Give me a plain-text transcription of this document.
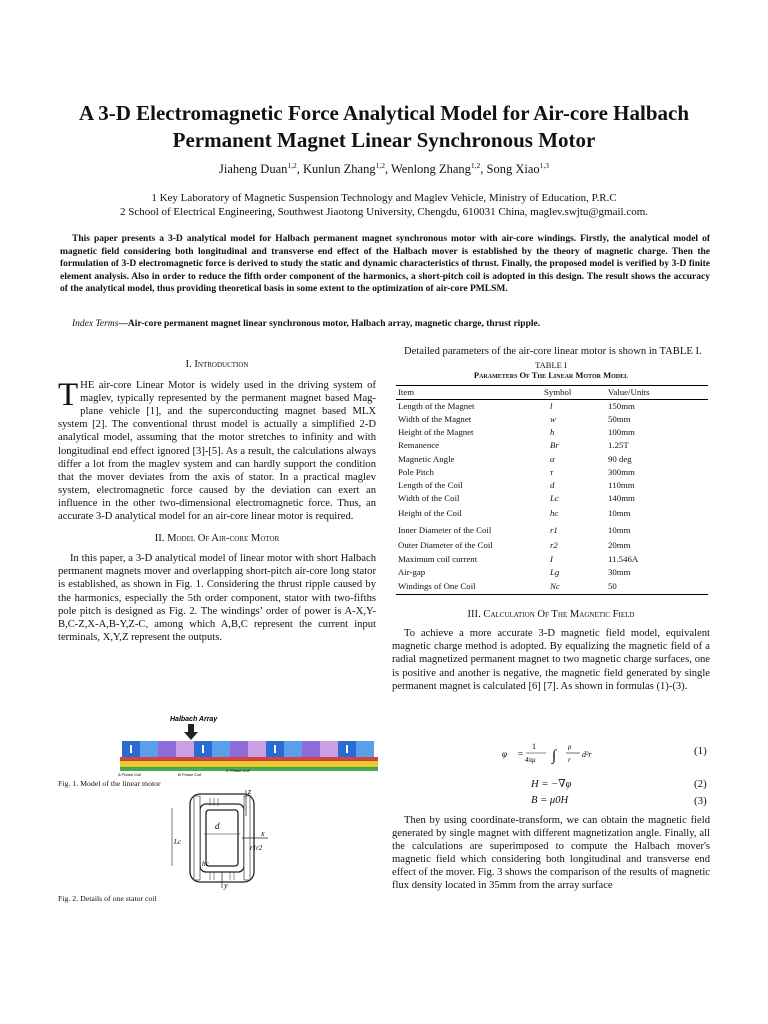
A 3-D Electromagnetic Force Analytical Model for Air-core Halbach
Permanent Magnet Linear Synchronous Motor
Jiaheng Duan$^{1,2}$, Kunlun Zhang$^{1,2}$, Wenlong Zhang$^{1,2}$, Song Xiao$^{1,3}$
1 Key Laboratory of Magnetic Suspension Technology and Maglev Vehicle, Ministry of Education, P.R.C
2 School of Electrical Engineering, Southwest Jiaotong University, Chengdu, 610031 China, maglev.swjtu@gmail.com.
This paper presents a 3-D analytical model for Halbach permanent magnet synchronous motor with air-core windings. Firstly, the analytical model of magnetic field considering both longitudinal and transverse end effect of the Halbach mover is established by the theory of magnetic charge. Then the formulation of 3-D electromagnetic force is derived to study the static and dynamic characteristics of thrust. Finally, the proposed model is verified by 3-D finite element analysis. Also in order to reduce the fifth order component of the harmonics, a short-pitch coil is adopted in this design. The result shows the accuracy of the analytical model, thus providing theoretical basis in some extent to the optimization of air-core PMLSM.
Index Terms—Air-core permanent magnet linear synchronous motor, Halbach array, magnetic charge, thrust ripple.

I. Introduction

THE air-core Linear Motor is widely used in the driving system of maglev, typically represented by the permanent magnet based Mag-plane vehicle [1], and the superconducting magnet based MLX system [2]. The conventional thrust model is actually a simplified 2-D analytical model, assuming that the motor stretches to infinity and with longitudinal end effect ignored [3]-[5]. As a result, the calculations always differ a lot from the maglev system and can hardly support the condition that the mover deviates from the axis of stator. In a practical maglev system, electromagnetic force caused by the deviation can exert an influence in the other two-dimensional electromagnetic force. Thus, an accurate 3-D analytical model for an air-core linear motor is required.

II. Model Of Air-core Motor

In this paper, a 3-D analytical model of linear motor with short Halbach permanent magnets mover and overlapping short-pitch air-core long stator is established, as shown in Fig. 1. Considering the thrust ripple caused by the harmonics, especially the 5th order component, stator with two-fifths pole pitch is designed as Fig. 2. The windings’ order of power is A-X,Y-B,C-Z,X-A,B-Y,Z-C, among which A,B,C represent the current input terminals, X,Y,Z represent the outputs.

Halbach Array
A Phase Coil	B Phase Coil
C Phase Coil
Fig. 1. Model of the linear motor
Lc
d
x
z
y
r1 r2
hc
Fig. 2. Details of one stator coil

Detailed parameters of the air-core linear motor is shown in TABLE I.

TABLE I
Parameters Of The Linear Motor Model
Item	Symbol	Value/Units
Length of the Magnet	l	150mm
Width of the Magnet	w	50mm
Height of the Magnet	h	100mm
Remanence	Br	1.25T
Magnetic Angle	α	90 deg
Pole Pitch	τ	300mm
Length of the Coil	d	110mm
Width of the Coil	Lc	140mm
Height of the Coil	hc	10mm
Inner Diameter of the Coil	r1	10mm
Outer Diameter of the Coil	r2	20mm
Maximum coil current	I	11.546A
Air-gap	Lg	30mm
Windings of One Coil	Nc	50

III. Calculation Of The Magnetic Field

To achieve a more accurate 3-D magnetic field model, equivalent magnetic charge method is adopted. By equalizing the magnetic field of a radial magnetized permanent magnet to two magnetic charge surfaces, one is positive and another is negative, the magnetic field generated by single permanent magnet is calculated [6] [7]. As shown in formulas (1)-(3).

φ =
1
4πμ ∫
ρ
r
d²r	(1)
H = −∇φ	(2)
B = μ0H	(3)

Then by using coordinate-transform, we can obtain the magnetic field generated by single magnet with different magnetization angle. Finally, all the calculations are superimposed to compute the Halbach mover's magnetic field which considering both longitudinal and transverse end effect of the mover. Fig. 3 shows the comparison of the results of magnetic flux density located in 35mm from the array surface
